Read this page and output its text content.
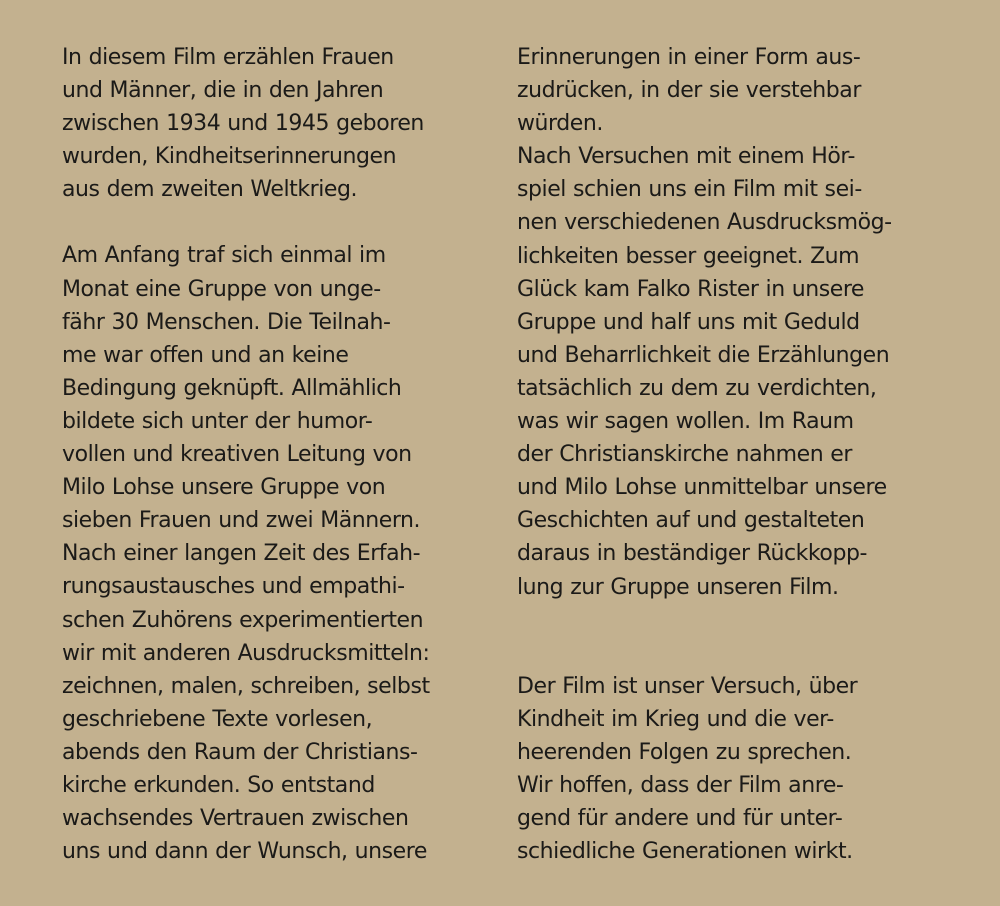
In diesem Film erzählen Frauen
und Männer, die in den Jahren
zwischen 1934 und 1945 geboren
wurden, Kindheitserinnerungen
aus dem zweiten Weltkrieg.

Am Anfang traf sich einmal im
Monat eine Gruppe von unge-
fähr 30 Menschen. Die Teilnah-
me war offen und an keine
Bedingung geknüpft. Allmählich
bildete sich unter der humor-
vollen und kreativen Leitung von
Milo Lohse unsere Gruppe von
sieben Frauen und zwei Männern.
Nach einer langen Zeit des Erfah-
rungsaustausches und empathi-
schen Zuhörens experimentierten
wir mit anderen Ausdrucksmitteln:
zeichnen, malen, schreiben, selbst
geschriebene Texte vorlesen,
abends den Raum der Christians-
kirche erkunden. So entstand
wachsendes Vertrauen zwischen
uns und dann der Wunsch, unsere

Erinnerungen in einer Form aus-
zudrücken, in der sie verstehbar
würden.

Nach Versuchen mit einem Hör-
spiel schien uns ein Film mit sei-
nen verschiedenen Ausdrucksmög-
lichkeiten besser geeignet. Zum
Glück kam Falko Rister in unsere
Gruppe und half uns mit Geduld
und Beharrlichkeit die Erzählungen
tatsächlich zu dem zu verdichten,
was wir sagen wollen. Im Raum
der Christianskirche nahmen er
und Milo Lohse unmittelbar unsere
Geschichten auf und gestalteten
daraus in beständiger Rückkopp-
lung zur Gruppe unseren Film.

Der Film ist unser Versuch, über
Kindheit im Krieg und die ver-
heerenden Folgen zu sprechen.
Wir hoffen, dass der Film anre-
gend für andere und für unter-
schiedliche Generationen wirkt.
